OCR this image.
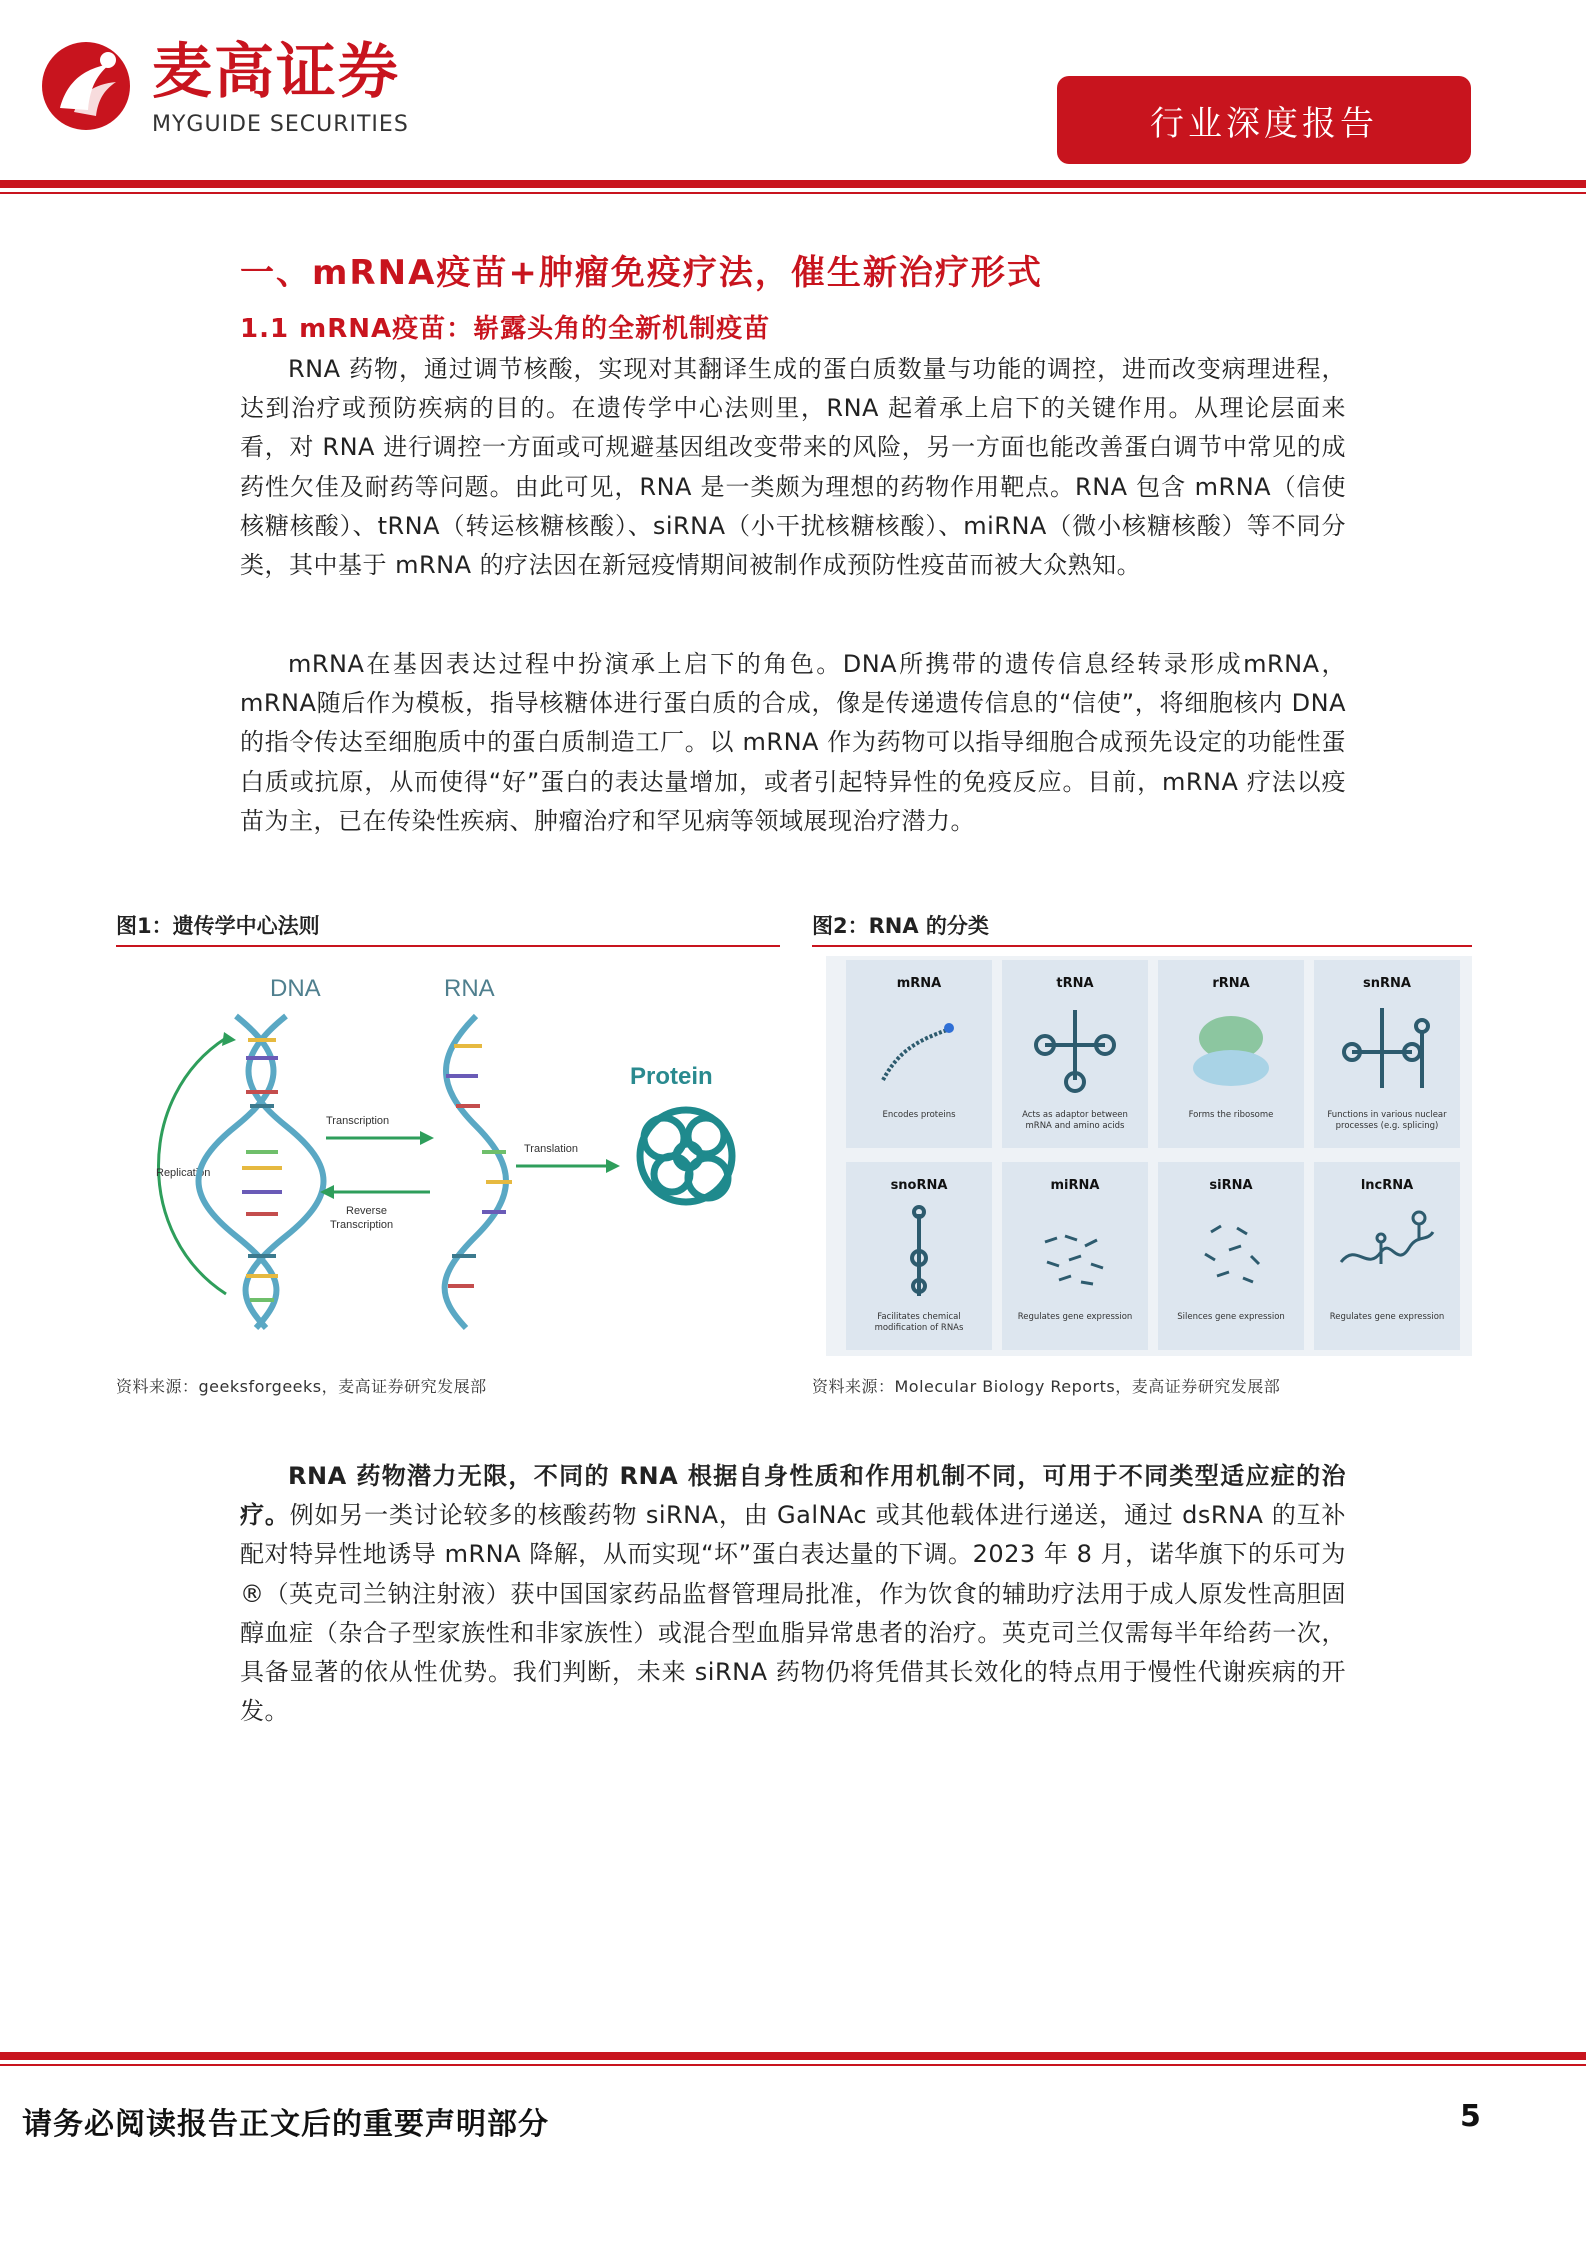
麦高证券
MYGUIDE SECURITIES	行业深度报告
一、mRNA疫苗+肿瘤免疫疗法，催生新治疗形式
1.1 mRNA疫苗：崭露头角的全新机制疫苗
RNA 药物，通过调节核酸，实现对其翻译生成的蛋白质数量与功能的调控，进而改变病理进程，达到治疗或预防疾病的目的。在遗传学中心法则里，RNA 起着承上启下的关键作用。从理论层面来看，对 RNA 进行调控一方面或可规避基因组改变带来的风险，另一方面也能改善蛋白调节中常见的成药性欠佳及耐药等问题。由此可见，RNA 是一类颇为理想的药物作用靶点。RNA 包含 mRNA（信使核糖核酸）、tRNA（转运核糖核酸）、siRNA（小干扰核糖核酸）、miRNA（微小核糖核酸）等不同分类，其中基于 mRNA 的疗法因在新冠疫情期间被制作成预防性疫苗而被大众熟知。
mRNA在基因表达过程中扮演承上启下的角色。DNA所携带的遗传信息经转录形成mRNA，mRNA随后作为模板，指导核糖体进行蛋白质的合成，像是传递遗传信息的“信使”，将细胞核内 DNA 的指令传达至细胞质中的蛋白质制造工厂。以 mRNA 作为药物可以指导细胞合成预先设定的功能性蛋白质或抗原，从而使得“好”蛋白的表达量增加，或者引起特异性的免疫反应。目前，mRNA 疗法以疫苗为主，已在传染性疾病、肿瘤治疗和罕见病等领域展现治疗潜力。
图1：遗传学中心法则
DNA	RNA
Protein
Replication
Transcription
Reverse
Transcription
Translation
资料来源：geeksforgeeks，麦高证券研究发展部
图2：RNA 的分类
mRNA
Encodes proteins
tRNA
Acts as adaptor between mRNA and amino acids
rRNA
Forms the ribosome
snRNA
Functions in various nuclear processes (e.g. splicing)
snoRNA
Facilitates chemical modification of RNAs
miRNA
Regulates gene expression
siRNA
Silences gene expression
lncRNA
Regulates gene expression
资料来源：Molecular Biology Reports，麦高证券研究发展部
RNA 药物潜力无限，不同的 RNA 根据自身性质和作用机制不同，可用于不同类型适应症的治疗。例如另一类讨论较多的核酸药物 siRNA，由 GalNAc 或其他载体进行递送，通过 dsRNA 的互补配对特异性地诱导 mRNA 降解，从而实现“坏”蛋白表达量的下调。2023 年 8 月，诺华旗下的乐可为®（英克司兰钠注射液）获中国国家药品监督管理局批准，作为饮食的辅助疗法用于成人原发性高胆固醇血症（杂合子型家族性和非家族性）或混合型血脂异常患者的治疗。英克司兰仅需每半年给药一次，具备显著的依从性优势。我们判断，未来 siRNA 药物仍将凭借其长效化的特点用于慢性代谢疾病的开发。
请务必阅读报告正文后的重要声明部分	5
